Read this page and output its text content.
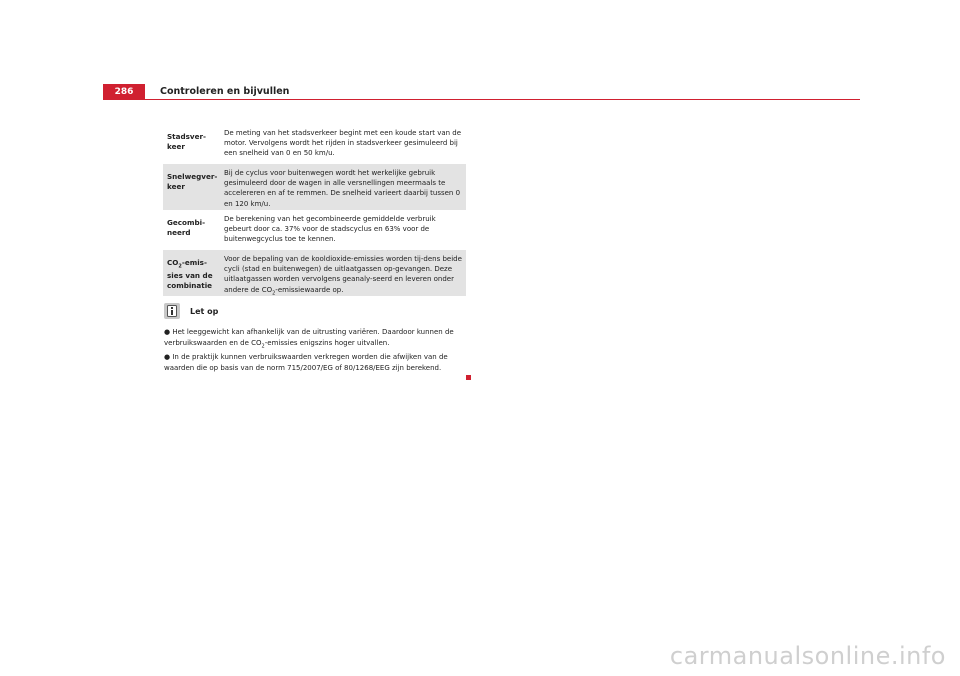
286	Controleren en bijvullen
Stadsver-keer
De meting van het stadsverkeer begint met een koude start van de motor. Vervolgens wordt het rijden in stadsverkeer gesimuleerd bij een snelheid van 0 en 50 km/u.
Snelwegver-keer
Bij de cyclus voor buitenwegen wordt het werkelijke gebruik gesimuleerd door de wagen in alle versnellingen meermaals te accelereren en af te remmen. De snelheid varieert daarbij tussen 0 en 120 km/u.
Gecombi-neerd
De berekening van het gecombineerde gemiddelde verbruik gebeurt door ca. 37% voor de stadscyclus en 63% voor de buitenwegcyclus toe te kennen.
$CO_2-emis$-sies van de combinatie
Voor de bepaling van de kooldioxide-emissies worden tij-dens beide cycli (stad en buitenwegen) de uitlaatgassen op-gevangen. Deze uitlaatgassen worden vervolgens geanaly-seerd en leveren onder andere de $CO_2$-emissiewaarde op.
Let op
● Het leeggewicht kan afhankelijk van de uitrusting variëren. Daardoor kunnen de verbruikswaarden en de $CO_2$-emissies enigszins hoger uitvallen.
● In de praktijk kunnen verbruikswaarden verkregen worden die afwijken van de waarden die op basis van de norm 715/2007/EG of 80/1268/EEG zijn berekend.
carmanualsonline.info
